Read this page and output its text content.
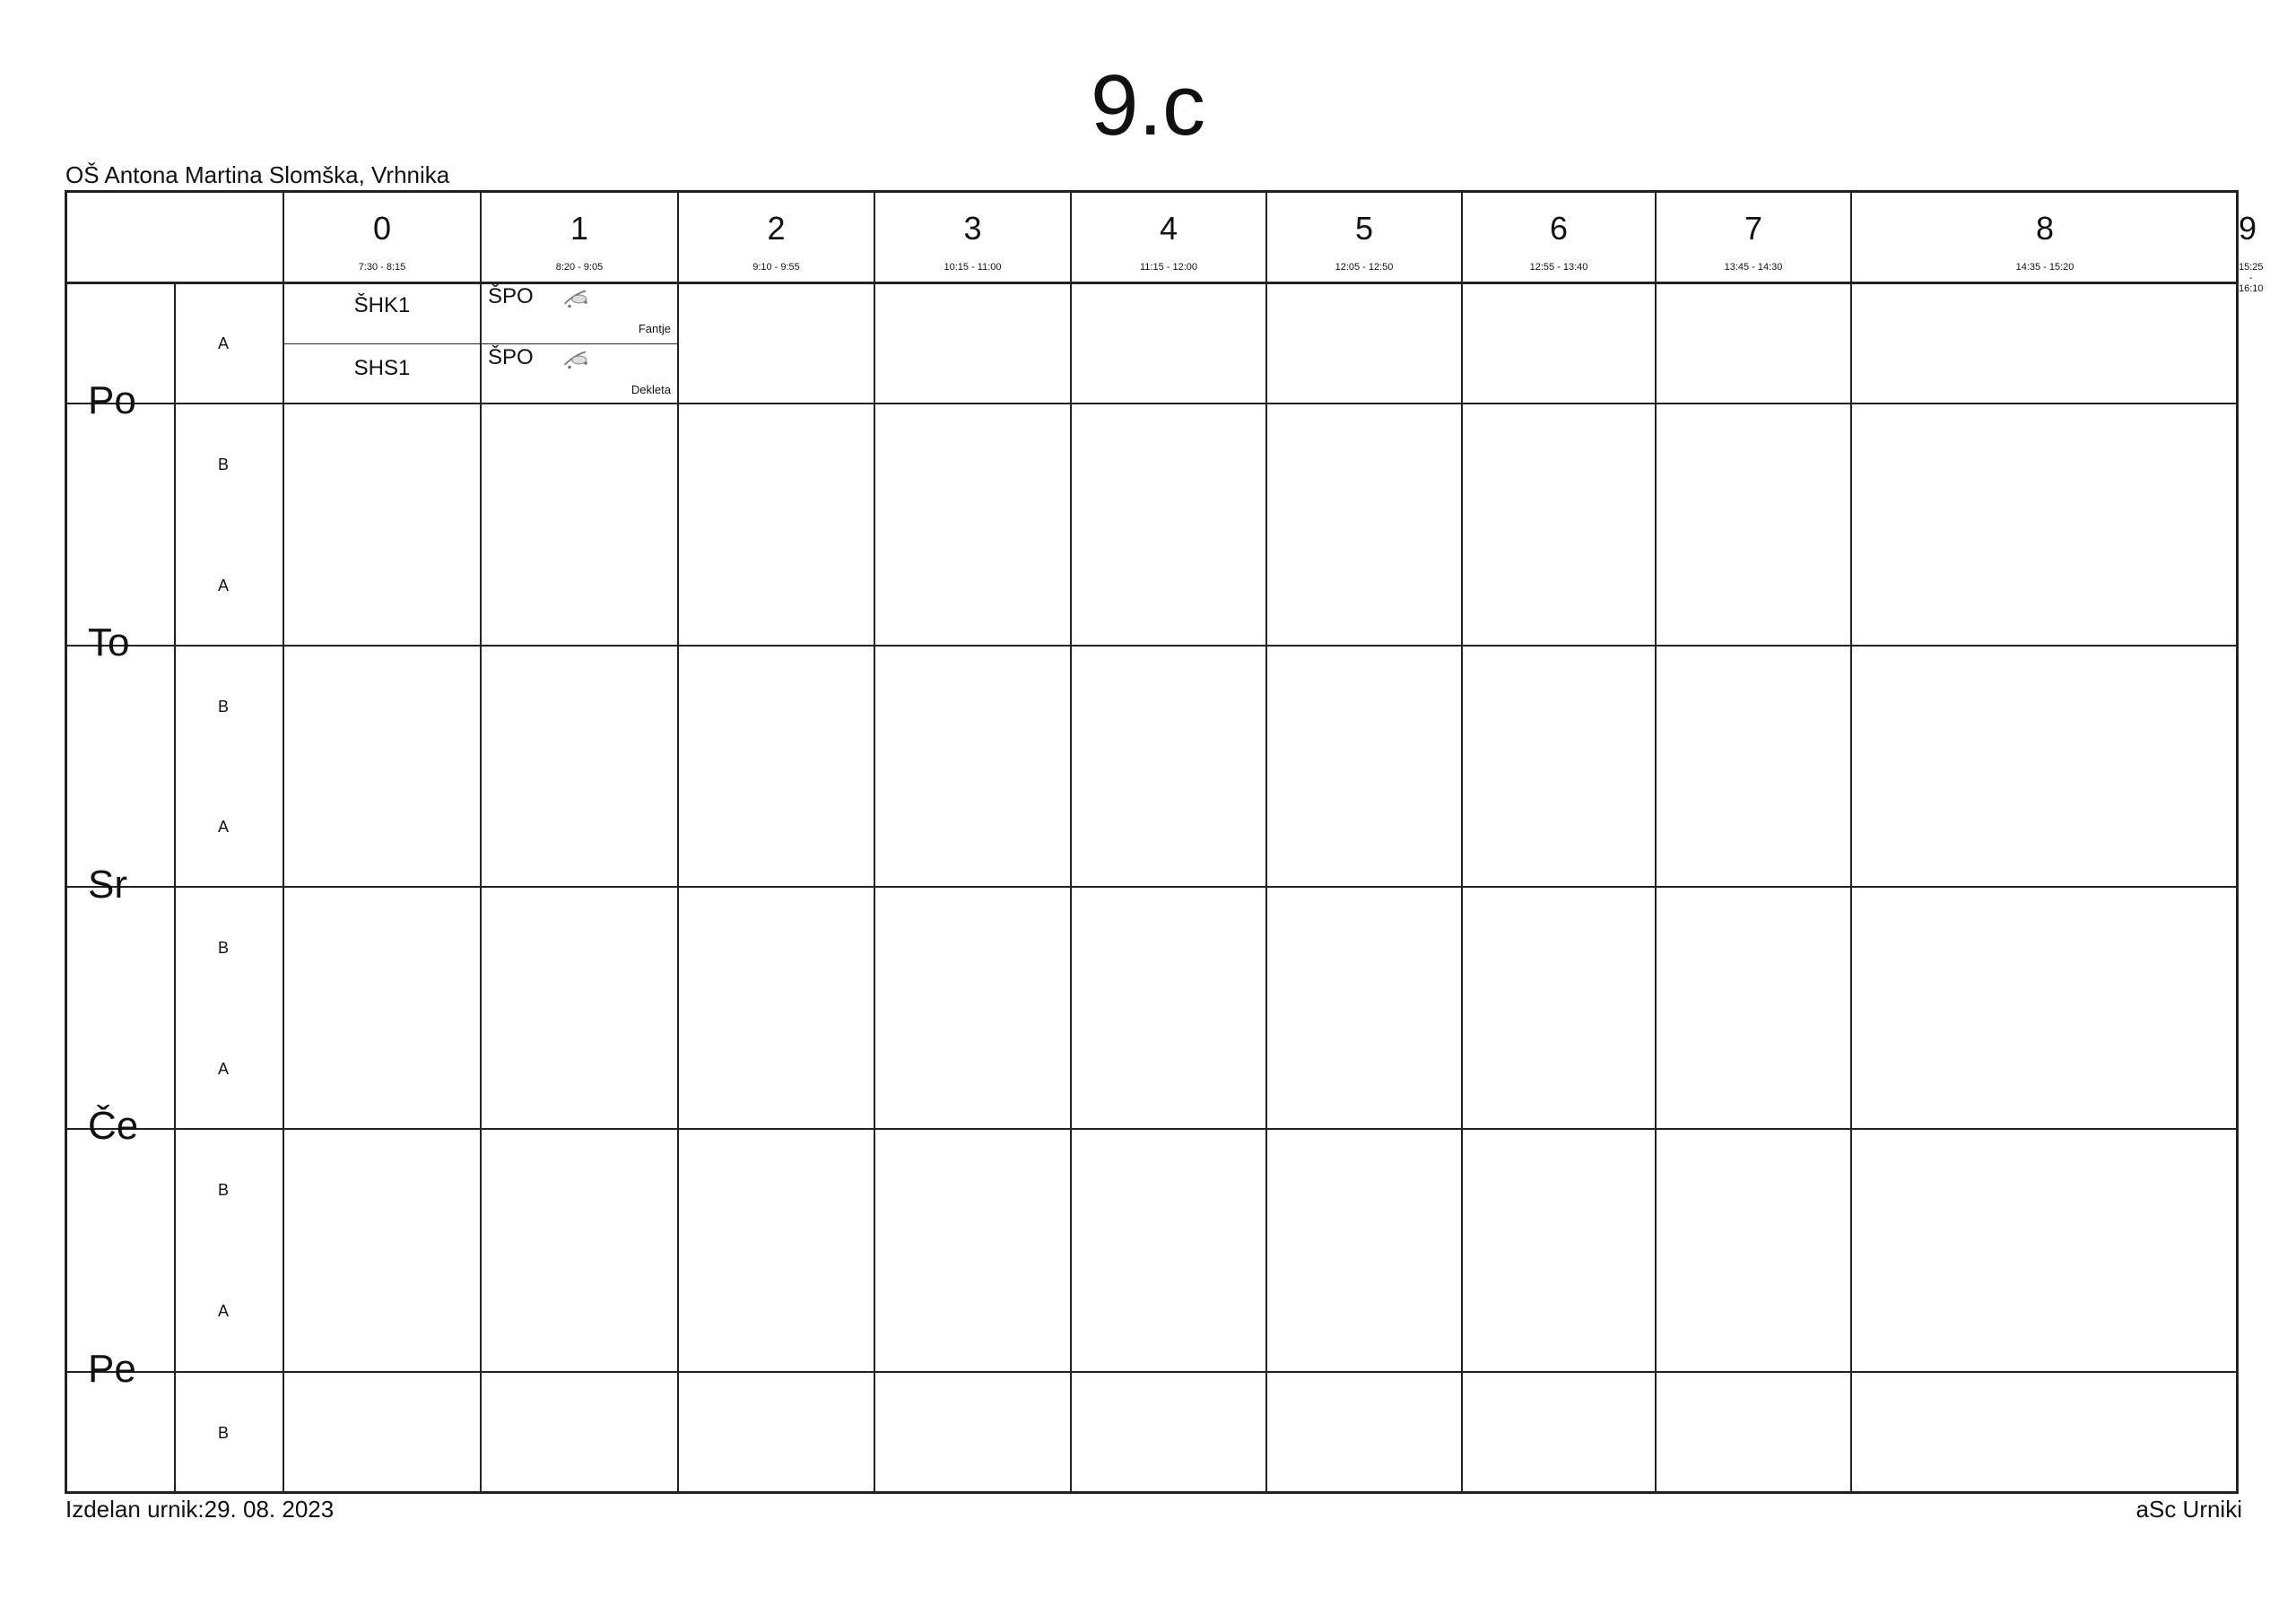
9.c
OŠ Antona Martina Slomška, Vrhnika
Izdelan urnik:29. 08. 2023	aSc Urniki
0
7:30 - 8:15
1
8:20 - 9:05
2
9:10 - 9:55
3
10:15 - 11:00
4
11:15 - 12:00
5
12:05 - 12:50
6
12:55 - 13:40
7
13:45 - 14:30
8
14:35 - 15:20
9
15:25 - 16:10
Po
A
B
To
A
B
Sr
A
B
Če
A
B
Pe
A
B
ŠHK1
SHS1
ŠPO
Fantje
ŠPO
Dekleta
